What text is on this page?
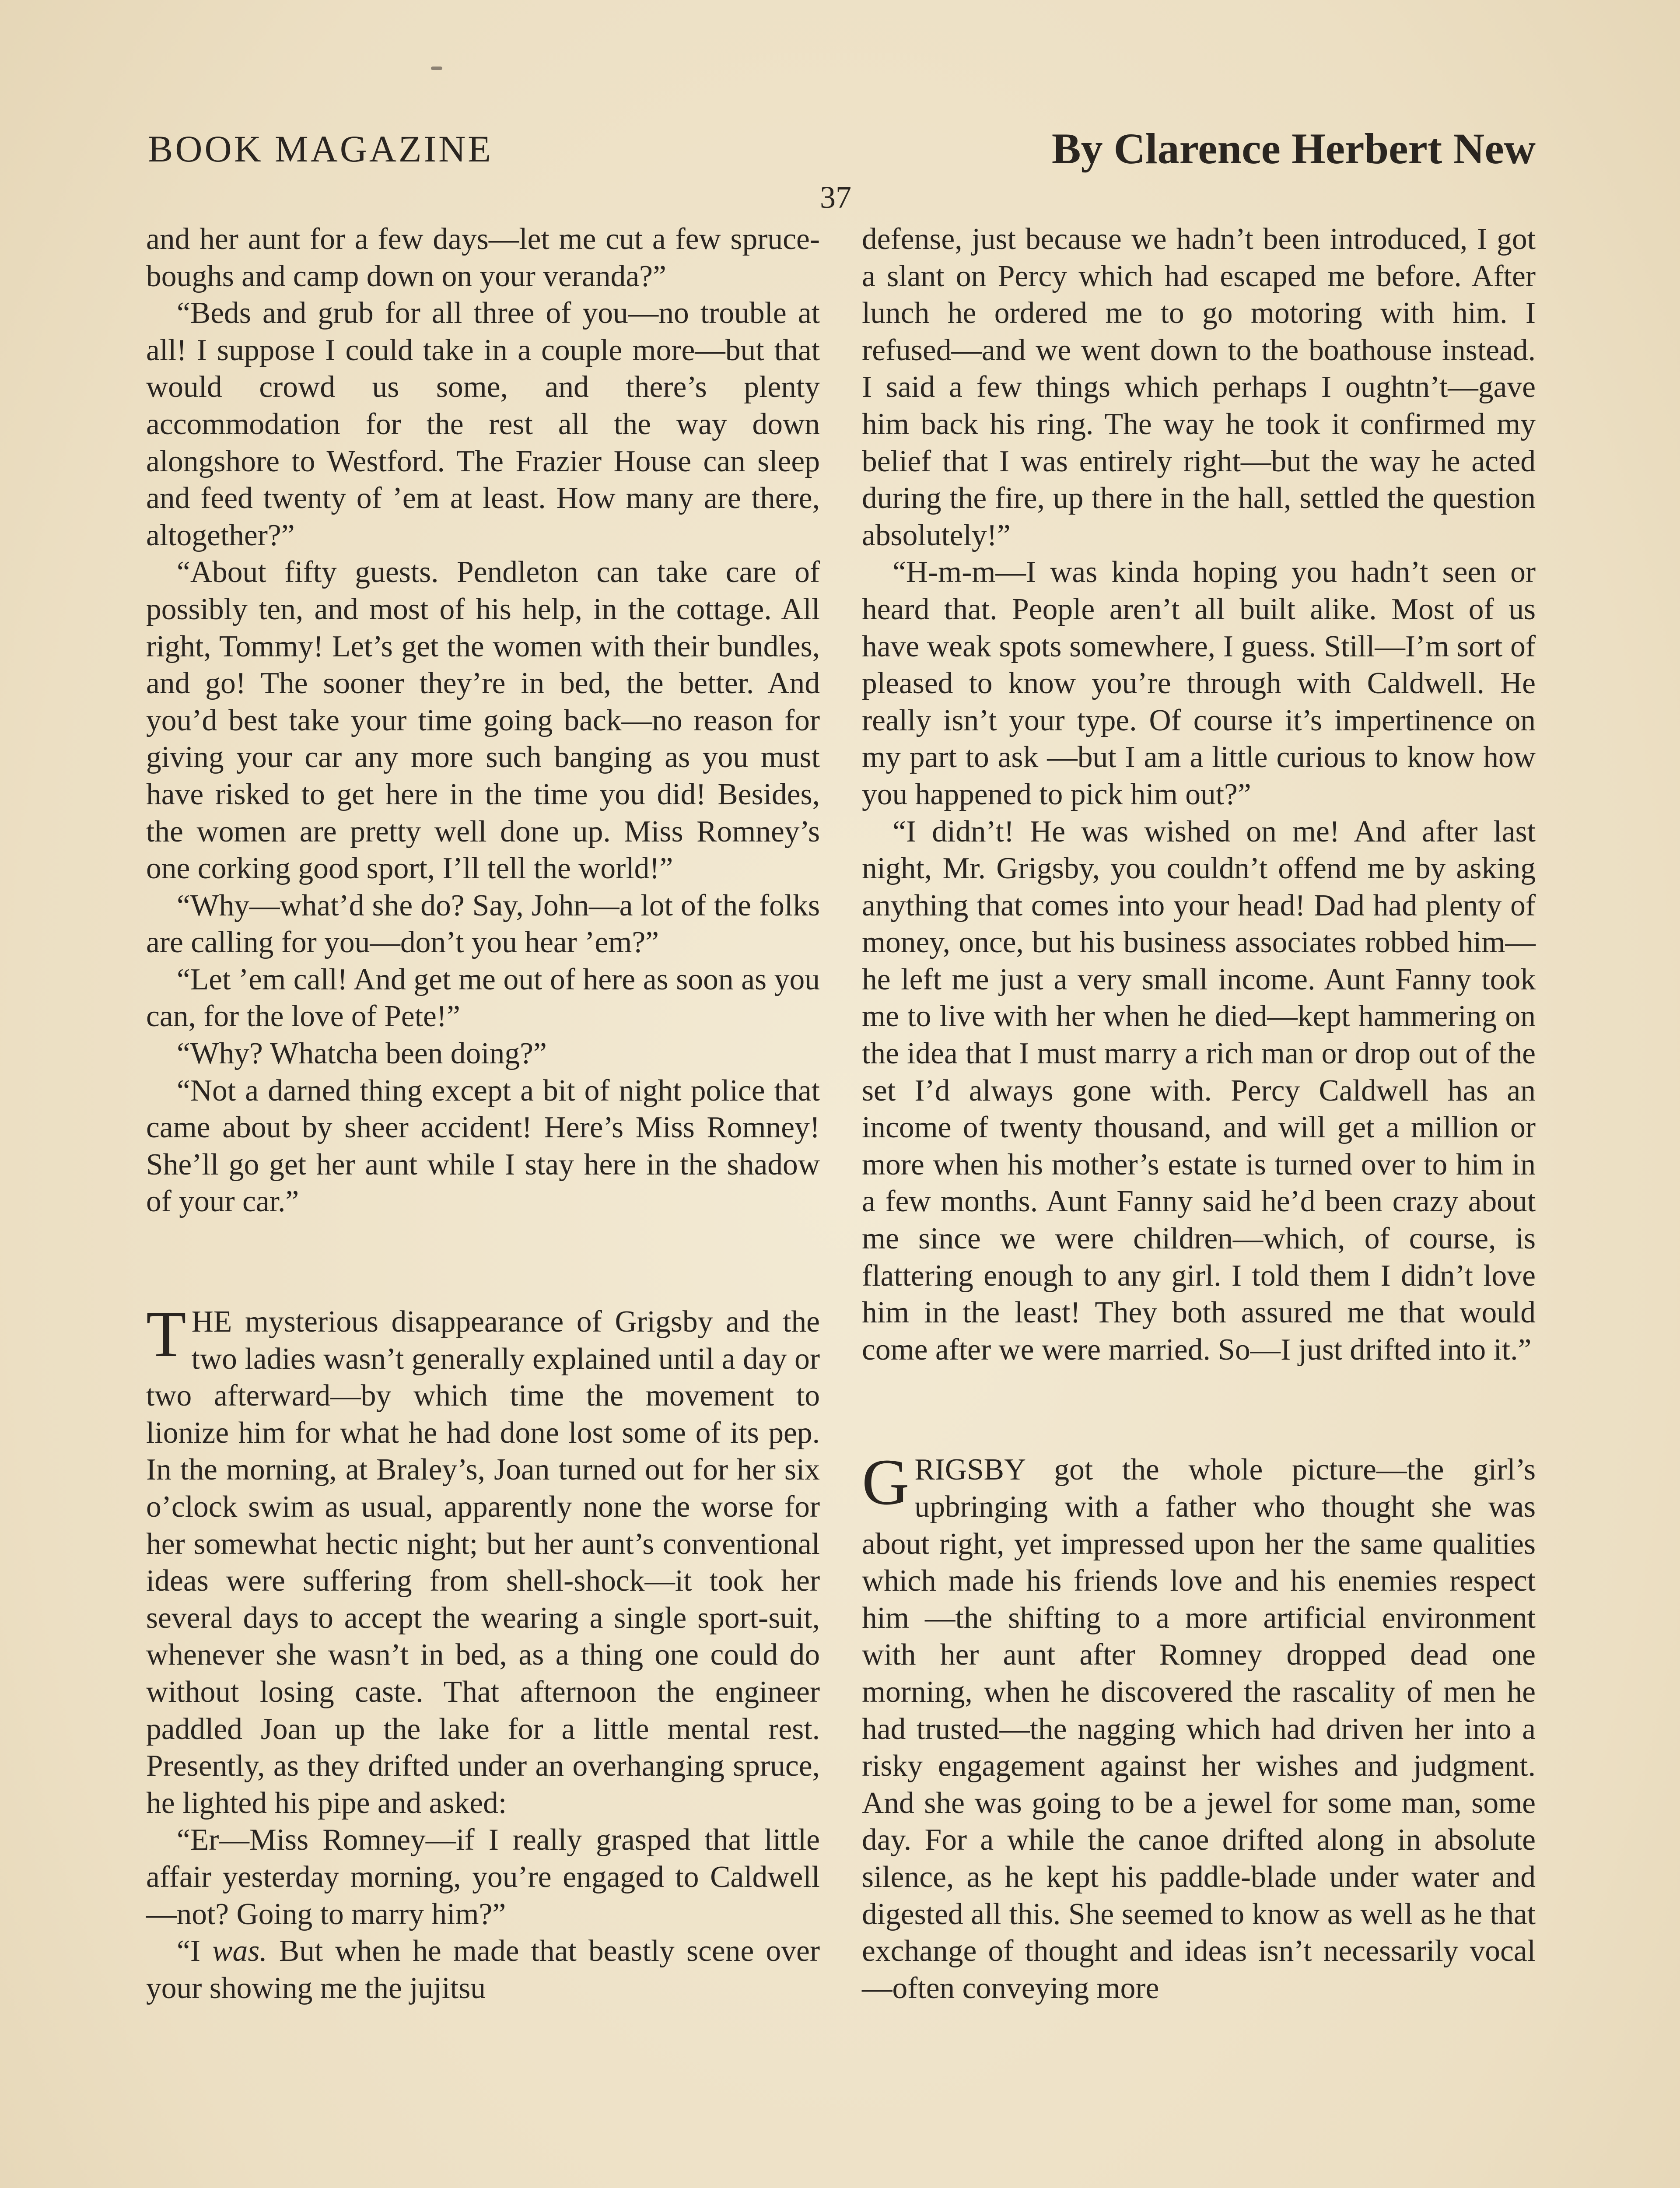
BOOK MAGAZINE	By Clarence Herbert New
37

and her aunt for a few days—let me cut a few spruce-boughs and camp down on your veranda?”

“Beds and grub for all three of you—no trouble at all! I suppose I could take in a couple more—but that would crowd us some, and there’s plenty accommodation for the rest all the way down alongshore to Westford. The Frazier House can sleep and feed twenty of ’em at least. How many are there, altogether?”

“About fifty guests. Pendleton can take care of possibly ten, and most of his help, in the cottage. All right, Tommy! Let’s get the women with their bundles, and go! The sooner they’re in bed, the better. And you’d best take your time going back—no reason for giving your car any more such banging as you must have risked to get here in the time you did! Besides, the women are pretty well done up. Miss Romney’s one corking good sport, I’ll tell the world!”

“Why—what’d she do? Say, John—a lot of the folks are calling for you—don’t you hear ’em?”

“Let ’em call! And get me out of here as soon as you can, for the love of Pete!”

“Why? Whatcha been doing?”

“Not a darned thing except a bit of night police that came about by sheer accident! Here’s Miss Romney! She’ll go get her aunt while I stay here in the shadow of your car.”

THE mysterious disappearance of Grigsby and the two ladies wasn’t generally explained until a day or two afterward—by which time the movement to lionize him for what he had done lost some of its pep. In the morning, at Braley’s, Joan turned out for her six o’clock swim as usual, apparently none the worse for her somewhat hectic night; but her aunt’s conventional ideas were suffering from shell-shock—it took her several days to accept the wearing a single sport-suit, whenever she wasn’t in bed, as a thing one could do without losing caste. That afternoon the engineer paddled Joan up the lake for a little mental rest. Presently, as they drifted under an overhanging spruce, he lighted his pipe and asked:

“Er—Miss Romney—if I really grasped that little affair yesterday morning, you’re engaged to Caldwell—not? Going to marry him?”

“I was. But when he made that beastly scene over your showing me the jujitsu

defense, just because we hadn’t been introduced, I got a slant on Percy which had escaped me before. After lunch he ordered me to go motoring with him. I refused—and we went down to the boathouse instead. I said a few things which perhaps I oughtn’t—gave him back his ring. The way he took it confirmed my belief that I was entirely right—but the way he acted during the fire, up there in the hall, settled the question absolutely!”

“H-m-m—I was kinda hoping you hadn’t seen or heard that. People aren’t all built alike. Most of us have weak spots somewhere, I guess. Still—I’m sort of pleased to know you’re through with Caldwell. He really isn’t your type. Of course it’s impertinence on my part to ask —but I am a little curious to know how you happened to pick him out?”

“I didn’t! He was wished on me! And after last night, Mr. Grigsby, you couldn’t offend me by asking anything that comes into your head! Dad had plenty of money, once, but his business associates robbed him—he left me just a very small income. Aunt Fanny took me to live with her when he died—kept hammering on the idea that I must marry a rich man or drop out of the set I’d always gone with. Percy Caldwell has an income of twenty thousand, and will get a million or more when his mother’s estate is turned over to him in a few months. Aunt Fanny said he’d been crazy about me since we were children—which, of course, is flattering enough to any girl. I told them I didn’t love him in the least! They both assured me that would come after we were married. So—I just drifted into it.”

GRIGSBY got the whole picture—the girl’s upbringing with a father who thought she was about right, yet impressed upon her the same qualities which made his friends love and his enemies respect him —the shifting to a more artificial environment with her aunt after Romney dropped dead one morning, when he discovered the rascality of men he had trusted—the nagging which had driven her into a risky engagement against her wishes and judgment. And she was going to be a jewel for some man, some day. For a while the canoe drifted along in absolute silence, as he kept his paddle-blade under water and digested all this. She seemed to know as well as he that exchange of thought and ideas isn’t necessarily vocal—often conveying more
